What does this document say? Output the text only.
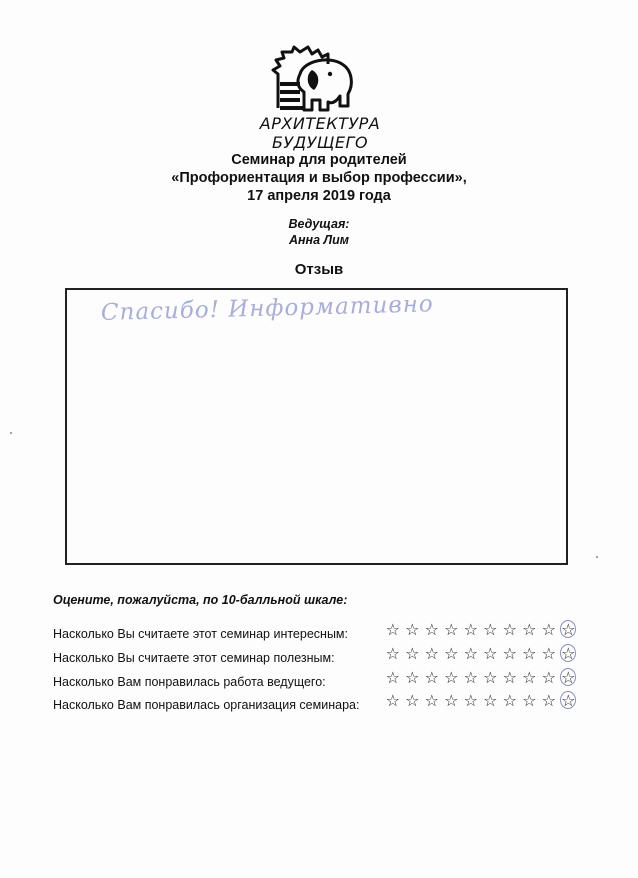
АРХИТЕКТУРА БУДУЩЕГО
Семинар для родителей
«Профориентация и выбор профессии»,
17 апреля 2019 года
Ведущая:
Анна Лим
Отзыв
Спасибо! Информативно
Оцените, пожалуйста, по 10-балльной шкале:
Насколько Вы считаете этот семинар интересным: ☆ ☆ ☆ ☆ ☆ ☆ ☆ ☆ ☆ ☆
Насколько Вы считаете этот семинар полезным:	☆ ☆ ☆ ☆ ☆ ☆ ☆ ☆ ☆ ☆
Насколько Вам понравилась работа ведущего:	☆ ☆ ☆ ☆ ☆ ☆ ☆ ☆ ☆ ☆
Насколько Вам понравилась организация семинара: ☆ ☆ ☆ ☆ ☆ ☆ ☆ ☆ ☆ ☆
